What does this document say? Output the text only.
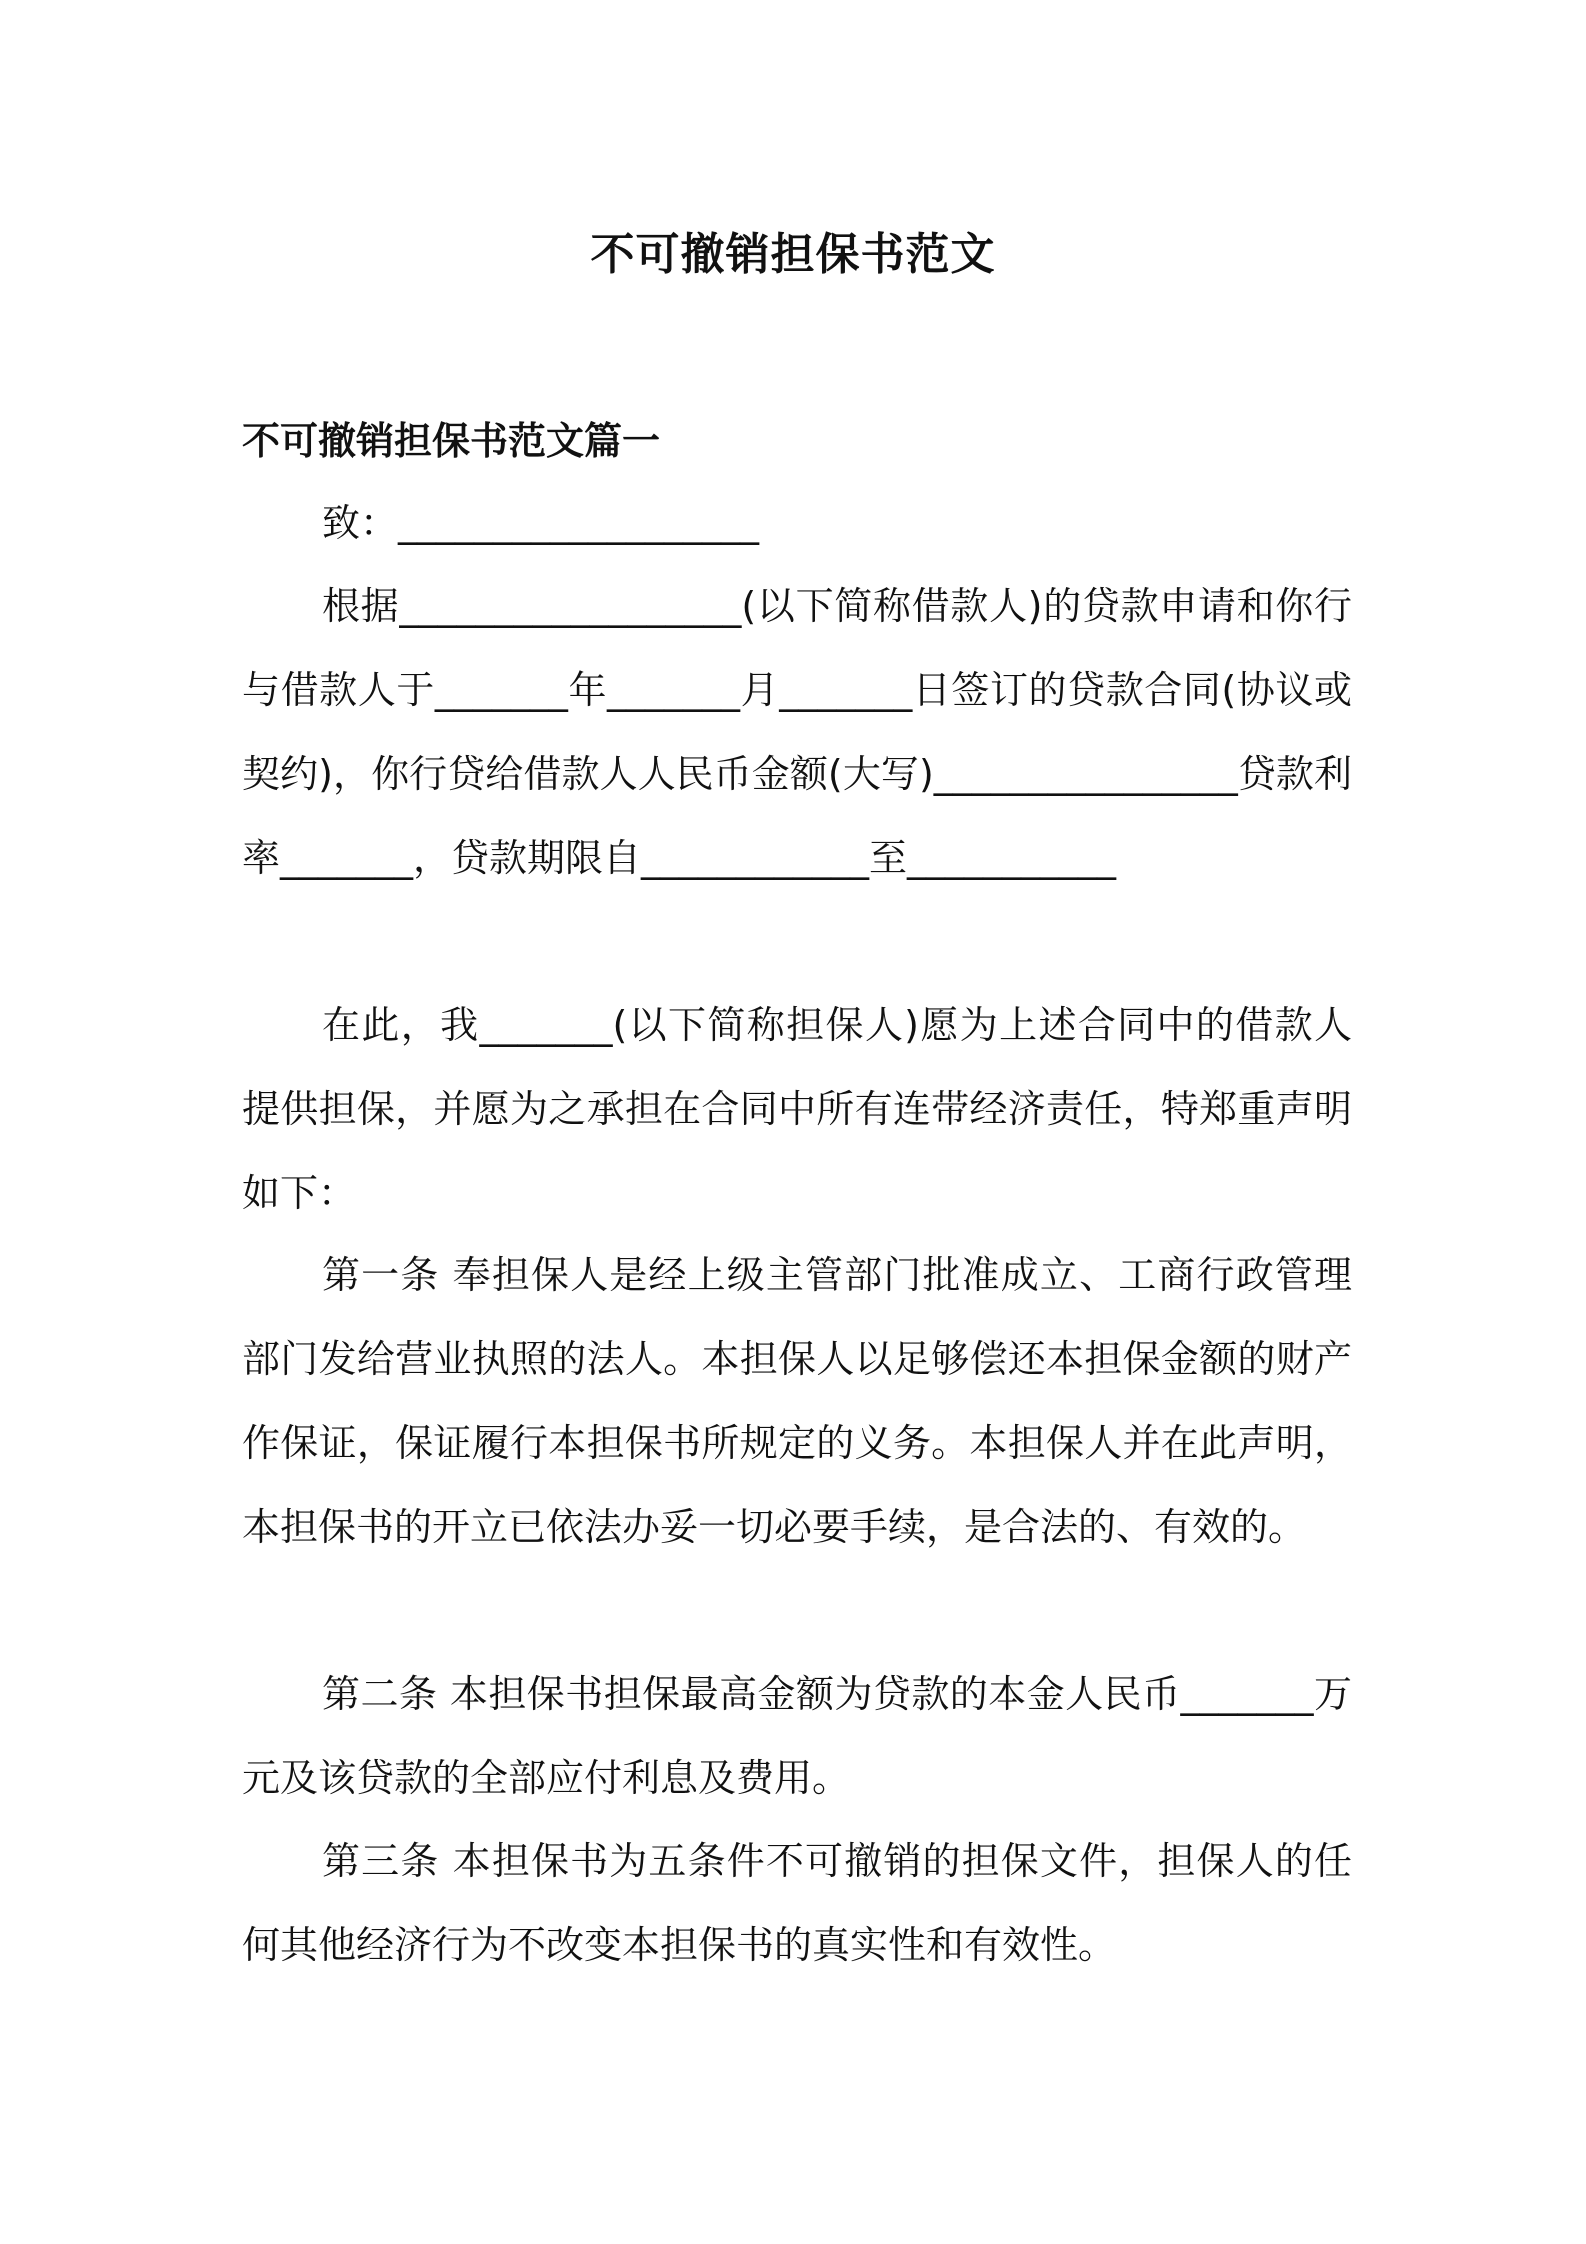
不可撤销担保书范文
不可撤销担保书范文篇一

致：___________________

根据__________________(以下简称借款人)的贷款申请和你行与借款人于_______年_______月_______日签订的贷款合同(协议或契约)，你行贷给借款人人民币金额(大写)________________贷款利率_______，贷款期限自____________至___________

在此，我_______(以下简称担保人)愿为上述合同中的借款人提供担保，并愿为之承担在合同中所有连带经济责任，特郑重声明如下：

第一条 奉担保人是经上级主管部门批准成立、工商行政管理部门发给营业执照的法人。本担保人以足够偿还本担保金额的财产作保证，保证履行本担保书所规定的义务。本担保人并在此声明，本担保书的开立已依法办妥一切必要手续，是合法的、有效的。

第二条 本担保书担保最高金额为贷款的本金人民币_______万元及该贷款的全部应付利息及费用。

第三条 本担保书为五条件不可撤销的担保文件，担保人的任何其他经济行为不改变本担保书的真实性和有效性。
